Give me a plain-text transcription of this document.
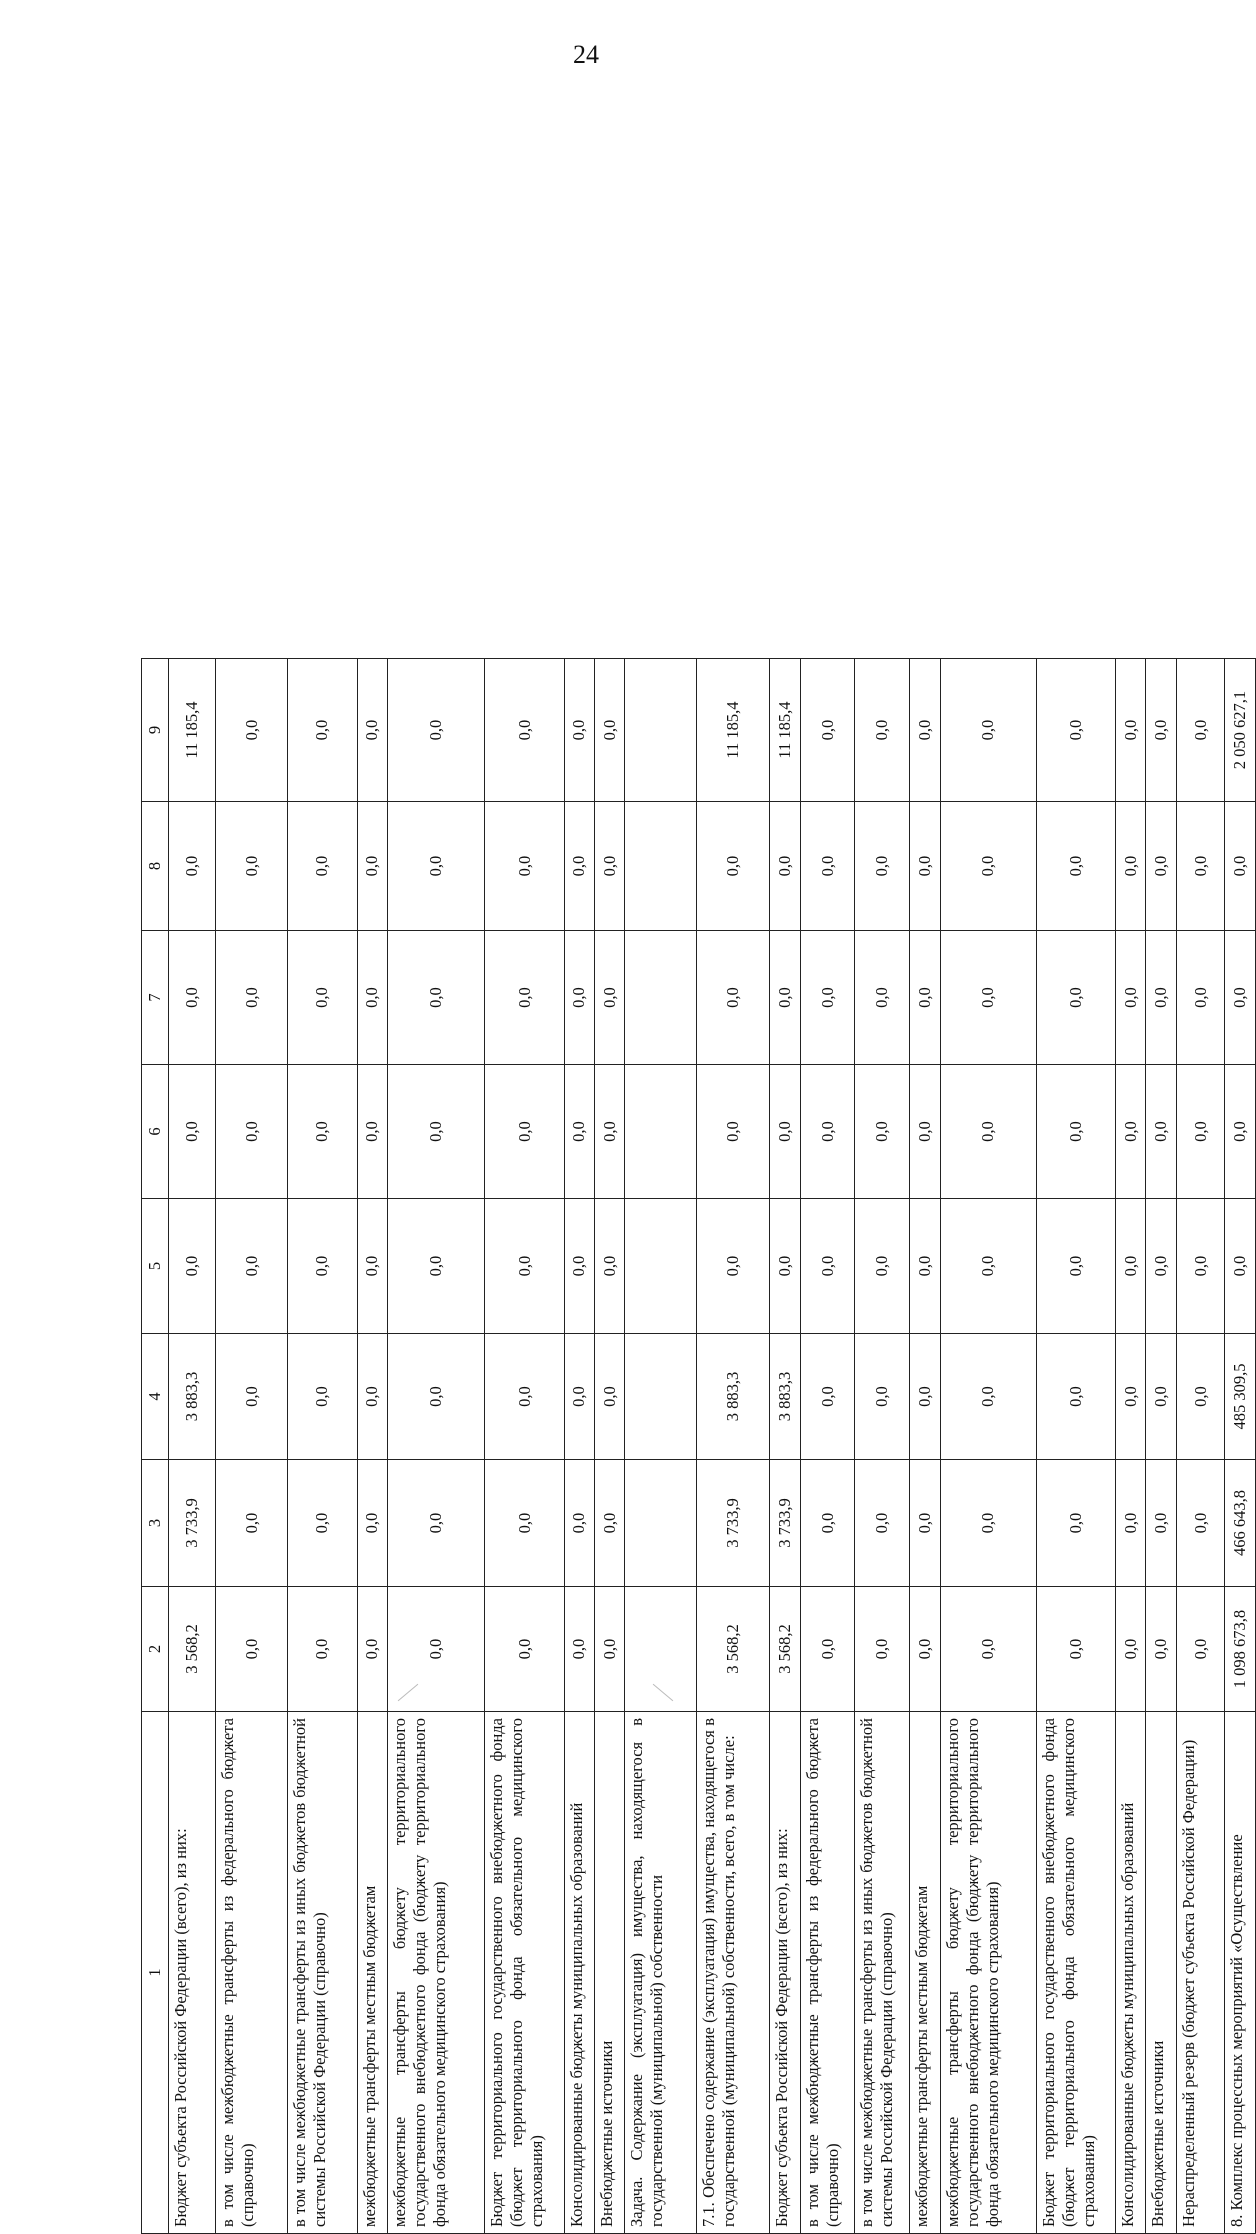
24
1	2	3	4	5	6	7	8	9
Бюджет субъекта Российской Федерации (всего), из них:	3 568,2	3 733,9	3 883,3	0,0	0,0	0,0	0,0	11 185,4
в том числе межбюджетные трансферты из федерального бюджета (справочно)	0,0	0,0	0,0	0,0	0,0	0,0	0,0	0,0
в том числе межбюджетные трансферты из иных бюджетов бюджетной системы Российской Федерации (справочно)	0,0	0,0	0,0	0,0	0,0	0,0	0,0	0,0
межбюджетные трансферты местным бюджетам	0,0	0,0	0,0	0,0	0,0	0,0	0,0	0,0
межбюджетные трансферты бюджету территориального государственного внебюджетного фонда (бюджету территориального фонда обязательного медицинского страхования)	0,0	0,0	0,0	0,0	0,0	0,0	0,0	0,0
Бюджет территориального государственного внебюджетного фонда (бюджет территориального фонда обязательного медицинского страхования)	0,0	0,0	0,0	0,0	0,0	0,0	0,0	0,0
Консолидированные бюджеты муниципальных образований	0,0	0,0	0,0	0,0	0,0	0,0	0,0	0,0
Внебюджетные источники	0,0	0,0	0,0	0,0	0,0	0,0	0,0	0,0
Задача. Содержание (эксплуатация) имущества, находящегося в государственной (муниципальной) собственности								
7.1. Обеспечено содержание (эксплуатация) имущества, находящегося в государственной (муниципальной) собственности, всего, в том числе:	3 568,2	3 733,9	3 883,3	0,0	0,0	0,0	0,0	11 185,4
Бюджет субъекта Российской Федерации (всего), из них:	3 568,2	3 733,9	3 883,3	0,0	0,0	0,0	0,0	11 185,4
в том числе межбюджетные трансферты из федерального бюджета (справочно)	0,0	0,0	0,0	0,0	0,0	0,0	0,0	0,0
в том числе межбюджетные трансферты из иных бюджетов бюджетной системы Российской Федерации (справочно)	0,0	0,0	0,0	0,0	0,0	0,0	0,0	0,0
межбюджетные трансферты местным бюджетам	0,0	0,0	0,0	0,0	0,0	0,0	0,0	0,0
межбюджетные трансферты бюджету территориального государственного внебюджетного фонда (бюджету территориального фонда обязательного медицинского страхования)	0,0	0,0	0,0	0,0	0,0	0,0	0,0	0,0
Бюджет территориального государственного внебюджетного фонда (бюджет территориального фонда обязательного медицинского страхования)	0,0	0,0	0,0	0,0	0,0	0,0	0,0	0,0
Консолидированные бюджеты муниципальных образований	0,0	0,0	0,0	0,0	0,0	0,0	0,0	0,0
Внебюджетные источники	0,0	0,0	0,0	0,0	0,0	0,0	0,0	0,0
Нераспределенный резерв (бюджет субъекта Российской Федерации)	0,0	0,0	0,0	0,0	0,0	0,0	0,0	0,0
8. Комплекс процессных мероприятий «Осуществление	1 098 673,8	466 643,8	485 309,5	0,0	0,0	0,0	0,0	2 050 627,1
